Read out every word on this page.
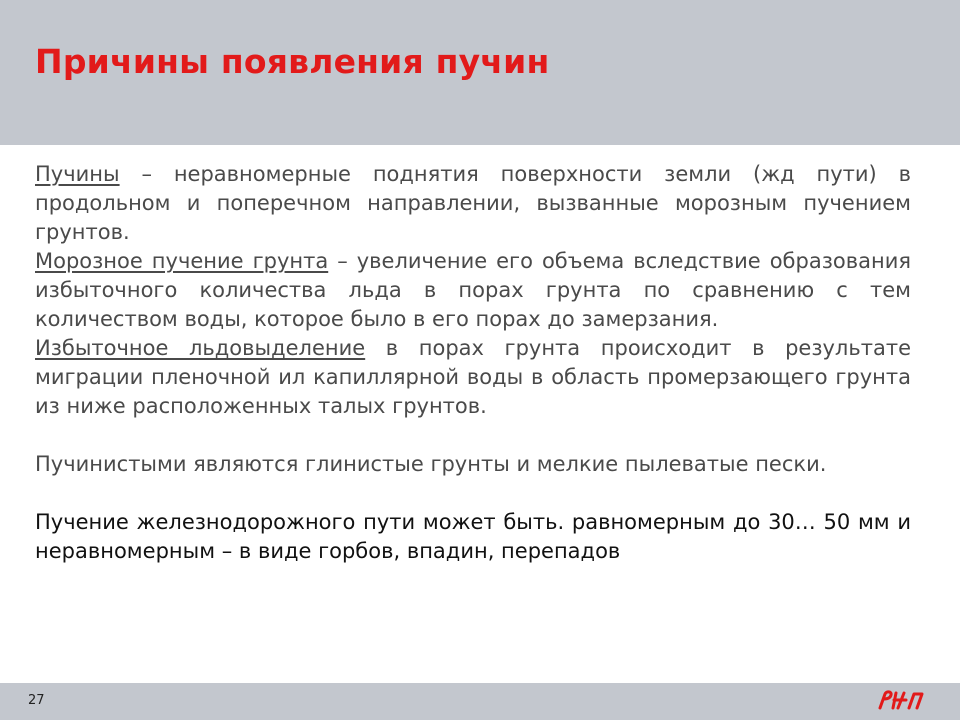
Причины появления пучин

Пучины – неравномерные поднятия поверхности земли (жд пути) в продольном и поперечном направлении, вызванные морозным пучением грунтов.

Морозное пучение грунта – увеличение его объема вследствие образования избыточного количества льда в порах грунта по сравнению с тем количеством воды, которое было в его порах до замерзания.

Избыточное льдовыделение в порах грунта происходит в результате миграции пленочной ил капиллярной воды в область промерзающего грунта из ниже расположенных талых грунтов.

Пучинистыми являются глинистые грунты и мелкие пылеватые пески.

Пучение железнодорожного пути может быть. равномерным до 30… 50 мм и неравномерным – в виде горбов, впадин, перепадов

27
